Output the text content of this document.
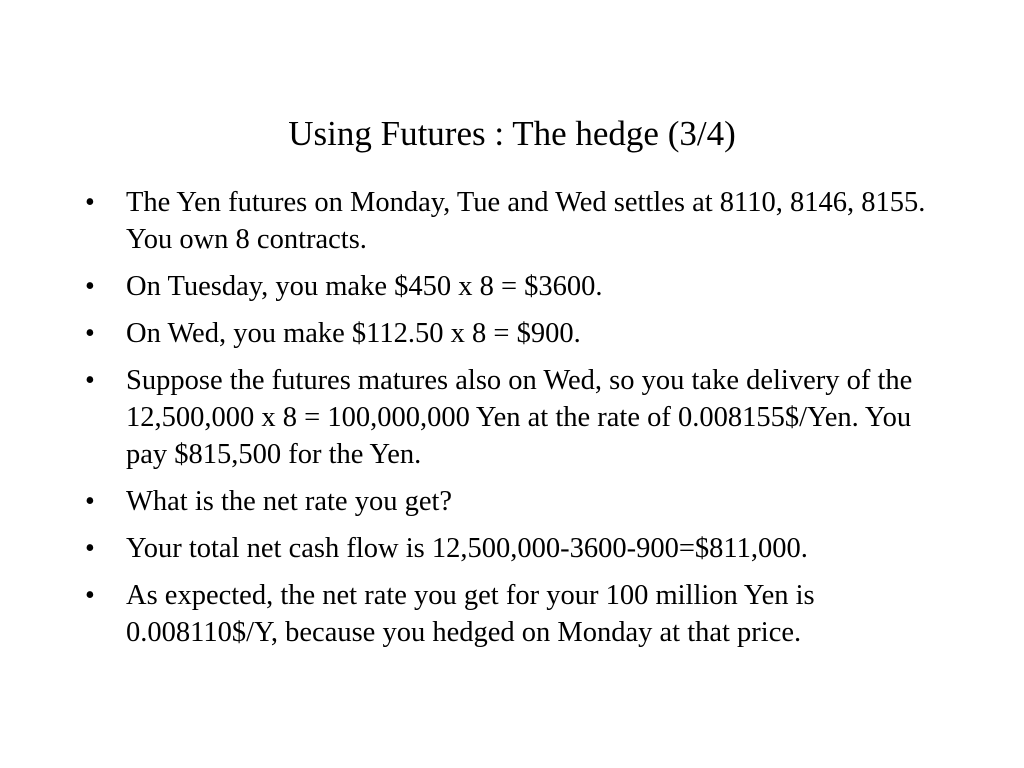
Using Futures : The hedge (3/4)
•	The Yen futures on Monday, Tue and Wed settles at 8110, 8146, 8155. You own 8 contracts.
•	On Tuesday, you make $450 x 8 = $3600.
•	On Wed, you make $112.50 x 8 = $900.
•	Suppose the futures matures also on Wed, so you take delivery of the 12,500,000 x 8 = 100,000,000 Yen at the rate of 0.008155$/Yen. You pay $815,500 for the Yen.
•	What is the net rate you get?
•	Your total net cash flow is 12,500,000-3600-900=$811,000.
•	As expected, the net rate you get for your 100 million Yen is 0.008110$/Y, because you hedged on Monday at that price.
